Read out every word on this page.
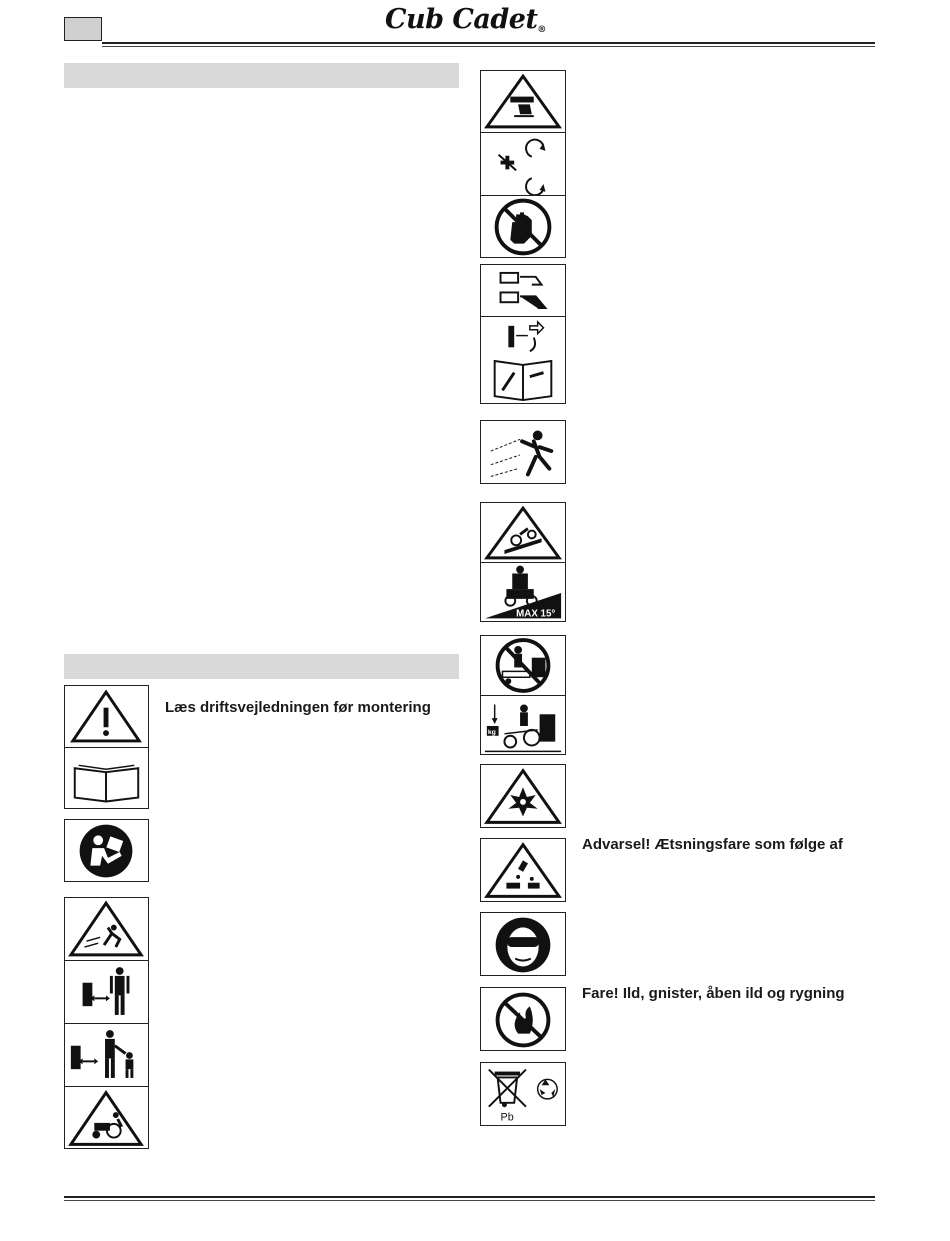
Cub Cadet®
Læs driftsvejledningen før montering
MAX 15°
kg
Advarsel! Ætsningsfare som følge af
Fare! Ild, gnister, åben ild og rygning
Pb
